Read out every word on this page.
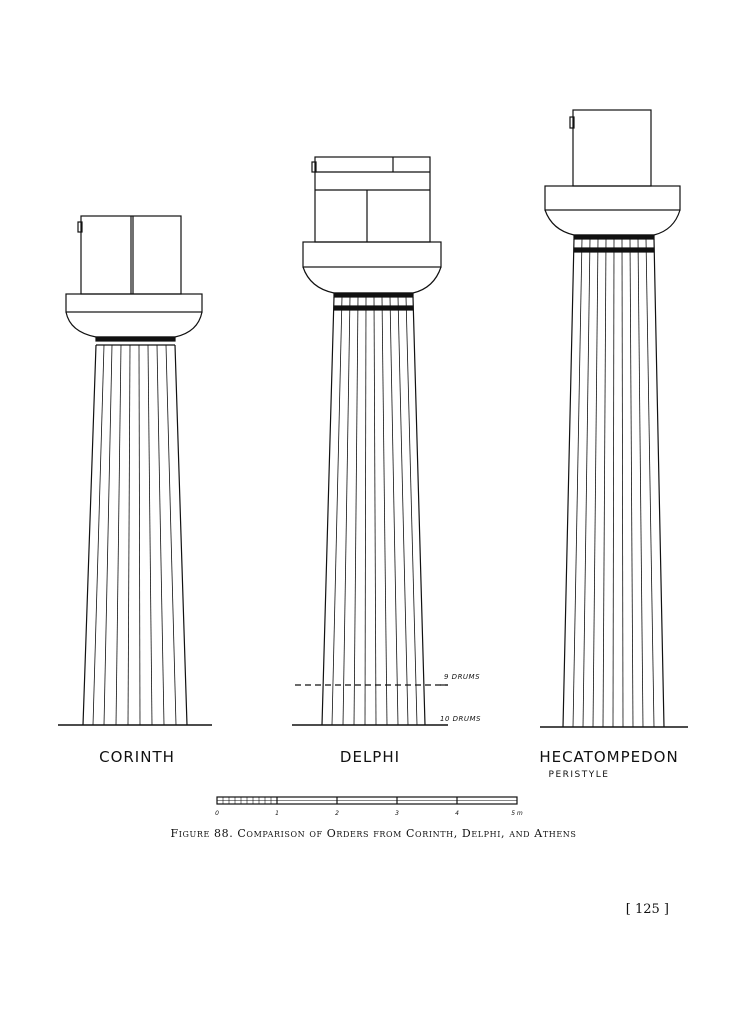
CORINTH	DELPHI	HECATOMPEDON
PERISTYLE
9 DRUMS
10 DRUMS
0	1	2	3	4	5 m
Figure 88. Comparison of Orders from Corinth, Delphi, and Athens
[ 125 ]
